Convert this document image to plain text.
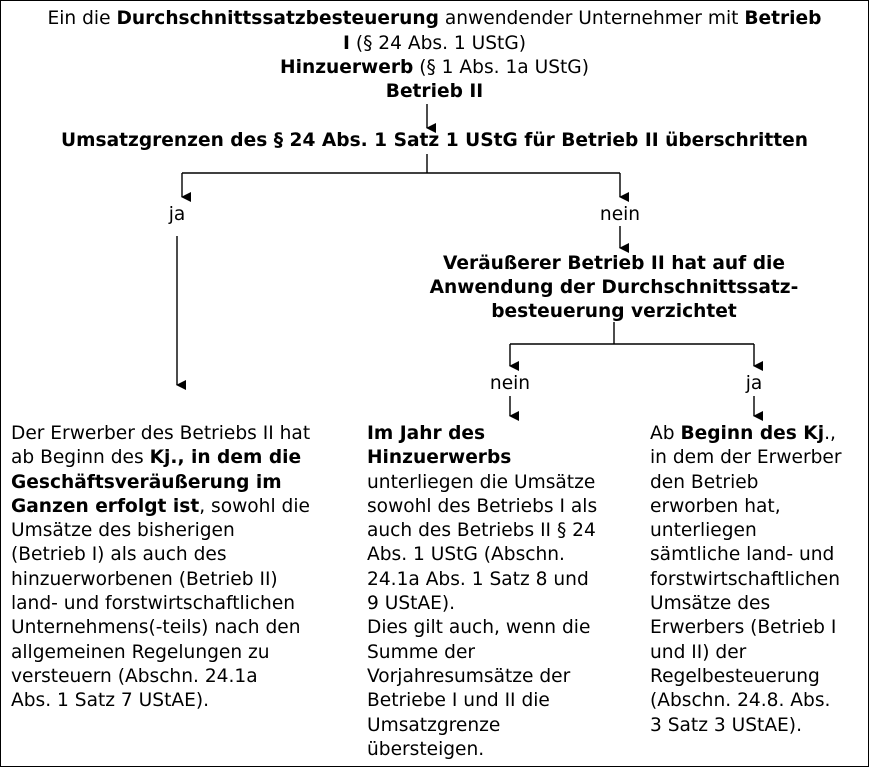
Ein die Durchschnittssatzbesteuerung anwendender Unternehmer mit Betrieb
I (§ 24 Abs. 1 UStG)
Hinzuerwerb (§ 1 Abs. 1a UStG)
Betrieb II
Umsatzgrenzen des § 24 Abs. 1 Satz 1 UStG für Betrieb II überschritten
ja	nein
Veräußerer Betrieb II hat auf die
Anwendung der Durchschnittssatz-
besteuerung verzichtet
nein	ja
Der Erwerber des Betriebs II hat
ab Beginn des Kj., in dem die
Geschäftsveräußerung im
Ganzen erfolgt ist, sowohl die
Umsätze des bisherigen
(Betrieb I) als auch des
hinzuerworbenen (Betrieb II)
land- und forstwirtschaftlichen
Unternehmens(-teils) nach den
allgemeinen Regelungen zu
versteuern (Abschn. 24.1a
Abs. 1 Satz 7 UStAE).
Im Jahr des
Hinzuerwerbs
unterliegen die Umsätze
sowohl des Betriebs I als
auch des Betriebs II § 24
Abs. 1 UStG (Abschn.
24.1a Abs. 1 Satz 8 und
9 UStAE).
Dies gilt auch, wenn die
Summe der
Vorjahresumsätze der
Betriebe I und II die
Umsatzgrenze
übersteigen.
Ab Beginn des Kj.,
in dem der Erwerber
den Betrieb
erworben hat,
unterliegen
sämtliche land- und
forstwirtschaftlichen
Umsätze des
Erwerbers (Betrieb I
und II) der
Regelbesteuerung
(Abschn. 24.8. Abs.
3 Satz 3 UStAE).
